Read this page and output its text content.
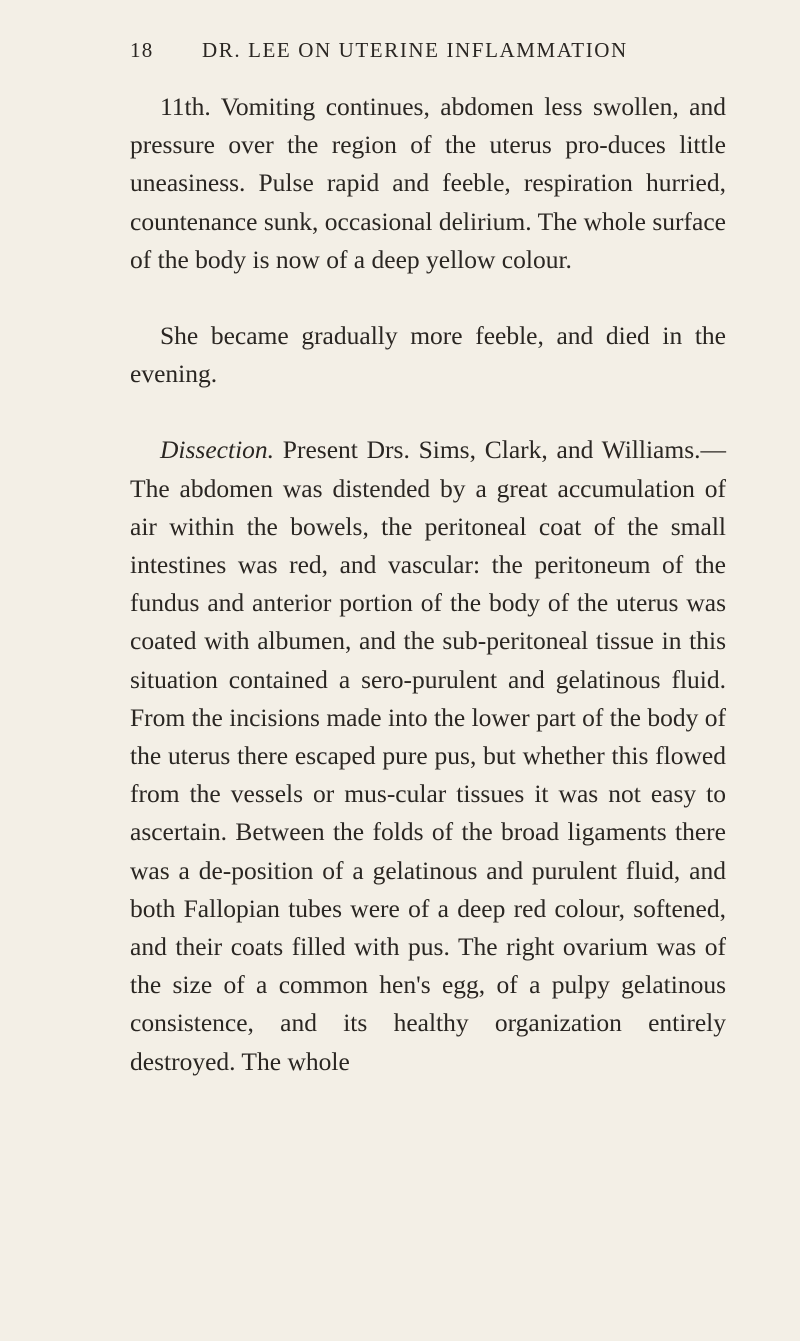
18 DR. LEE ON UTERINE INFLAMMATION

11th. Vomiting continues, abdomen less swollen, and pressure over the region of the uterus pro-duces little uneasiness. Pulse rapid and feeble, respiration hurried, countenance sunk, occasional delirium. The whole surface of the body is now of a deep yellow colour.

She became gradually more feeble, and died in the evening.

Dissection. Present Drs. Sims, Clark, and Williams.—The abdomen was distended by a great accumulation of air within the bowels, the peritoneal coat of the small intestines was red, and vascular: the peritoneum of the fundus and anterior portion of the body of the uterus was coated with albumen, and the sub-peritoneal tissue in this situation contained a sero-purulent and gelatinous fluid. From the incisions made into the lower part of the body of the uterus there escaped pure pus, but whether this flowed from the vessels or mus-cular tissues it was not easy to ascertain. Between the folds of the broad ligaments there was a de-position of a gelatinous and purulent fluid, and both Fallopian tubes were of a deep red colour, softened, and their coats filled with pus. The right ovarium was of the size of a common hen's egg, of a pulpy gelatinous consistence, and its healthy organization entirely destroyed. The whole
